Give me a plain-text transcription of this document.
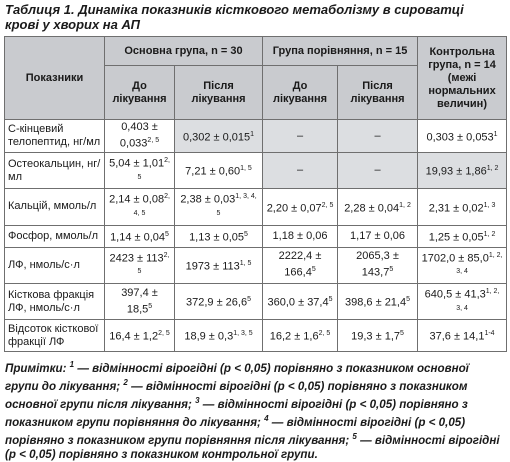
Таблиця 1. Динаміка показників кісткового метаболізму в сироватці крові у хворих на АП
Показники	Основна група, n = 30		Група порівняння, n = 15		Контрольна група, n = 14 (межі нормальних величин)
	До лікування	Після лікування	До лікування	Після лікування	
С-кінцевий телопептид, нг/мл	$0,403 \pm 0,033^{2, 5}$	$0,302 \pm 0,015^1$	–	–	$0,303 \pm 0,053^1$
Остеокальцин, нг/мл	$5,04 \pm 1,01^{2, 5}$	$7,21 \pm 0,60^{1, 5}$	–	–	$19,93 \pm 1,86^{1, 2}$
Кальцій, ммоль/л	$2,14 \pm 0,08^{2, 4, 5}$	$2,38 \pm 0,03^{1, 3, 4, 5}$	$2,20 \pm 0,07^{2, 5}$	$2,28 \pm 0,04^{1, 2}$	$2,31 \pm 0,02^{1, 3}$
Фосфор, ммоль/л	$1,14 \pm 0,04^5$	$1,13 \pm 0,05^5$	1,18 ± 0,06	1,17 ± 0,06	$1,25 \pm 0,05^{1, 2}$
ЛФ, нмоль/с·л	$2423 \pm 113^{2, 5}$	$1973 \pm 113^{1, 5}$	$2222,4 \pm 166,4^5$	$2065,3 \pm 143,7^5$	$1702,0 \pm 85,0^{1, 2, 3, 4}$
Кісткова фракція ЛФ, нмоль/с·л	$397,4 \pm 18,5^5$	$372,9 \pm 26,6^5$	$360,0 \pm 37,4^5$	$398,6 \pm 21,4^5$	$640,5 \pm 41,3^{1, 2, 3, 4}$
Відсоток кісткової фракції ЛФ	$16,4 \pm 1,2^{2, 5}$	$18,9 \pm 0,3^{1, 3, 5}$	$16,2 \pm 1,6^{2, 5}$	$19,3 \pm 1,7^5$	$37,6 \pm 14,1^{1-4}$
Примітки: $^1$ — відмінності вірогідні (р < 0,05) порівняно з показником основної групи до лікування; $^2$ — відмінності вірогідні (р < 0,05) порівняно з показником основної групи після лікування; $^3$ — відмінності вірогідні (р < 0,05) порівняно з показником групи порівняння до лікування; $^4$ — відмінності вірогідні (р < 0,05) порівняно з показником групи порівняння після лікування; $^5$ — відмінності вірогідні (р < 0,05) порівняно з показником контрольної групи.
